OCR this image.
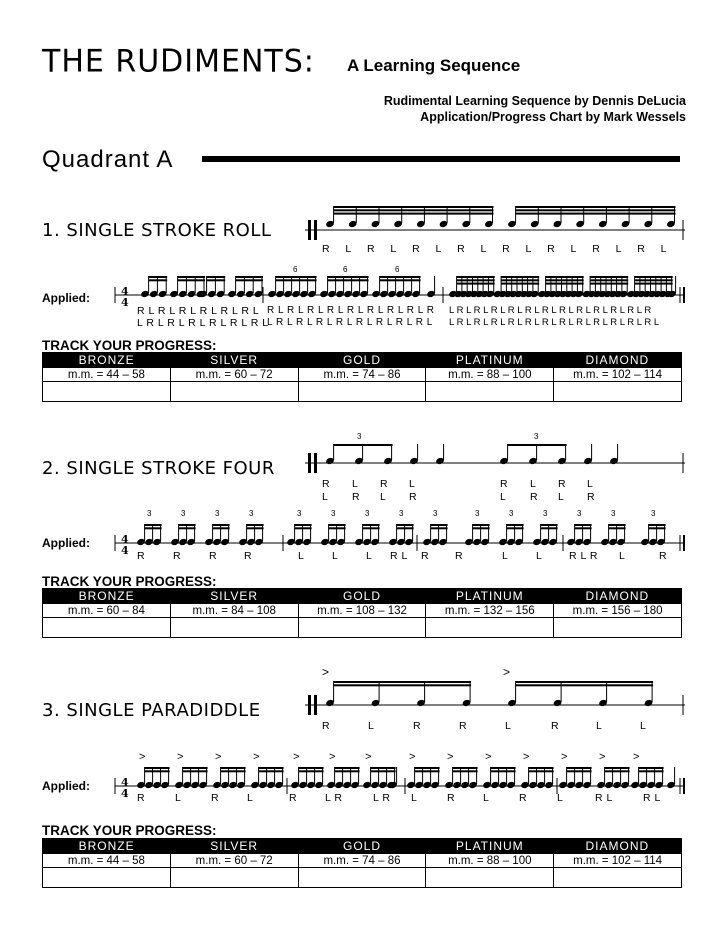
THE RUDIMENTS: A Learning Sequence
Rudimental Learning Sequence by Dennis DeLucia
Application/Progress Chart by Mark Wessels
Quadrant A
1. SINGLE STROKE ROLL
R L R L R L R L R L R L R L R L
Applied:	4
4
6	6	6
R L R L R L R L R L R L
L R L R L R L R L R L R L
R L R L R L R L R L R L R L R L R
L R L R L R L R L R L R L R L R L
L R L R L R L R L R L R L R L R L R L R L R L R
L R L R L R L R L R L R L R L R L R L R L R L R L
TRACK YOUR PROGRESS:
BRONZE	SILVER	GOLD	PLATINUM	DIAMOND
m.m. = 44 – 58	m.m. = 60 – 72	m.m. = 74 – 86	m.m. = 88 – 100	m.m. = 102 – 114

2. SINGLE STROKE FOUR
3	3
R L R L	R L R L
L R L R	L R L R
Applied:	4
4
3	3	3	3	3	3	3	3	3	3	3	3	3	3	3
R	R	R	R	L	L	L R L R R	L	L	R L R L	R
TRACK YOUR PROGRESS:
BRONZE	SILVER	GOLD	PLATINUM	DIAMOND
m.m. = 60 – 84	m.m. = 84 – 108	m.m. = 108 – 132	m.m. = 132 – 156	m.m. = 156 – 180

3. SINGLE PARADIDDLE
>	>
R	L	R	R	L	R	L	L
Applied:	4
4
>	>	>	>	>	>	>	>	>	>	>	>	>	>
R	L	R	L	R	L R	L R L	R	L	R	L	R L	R L
TRACK YOUR PROGRESS:
BRONZE	SILVER	GOLD	PLATINUM	DIAMOND
m.m. = 44 – 58	m.m. = 60 – 72	m.m. = 74 – 86	m.m. = 88 – 100	m.m. = 102 – 114
